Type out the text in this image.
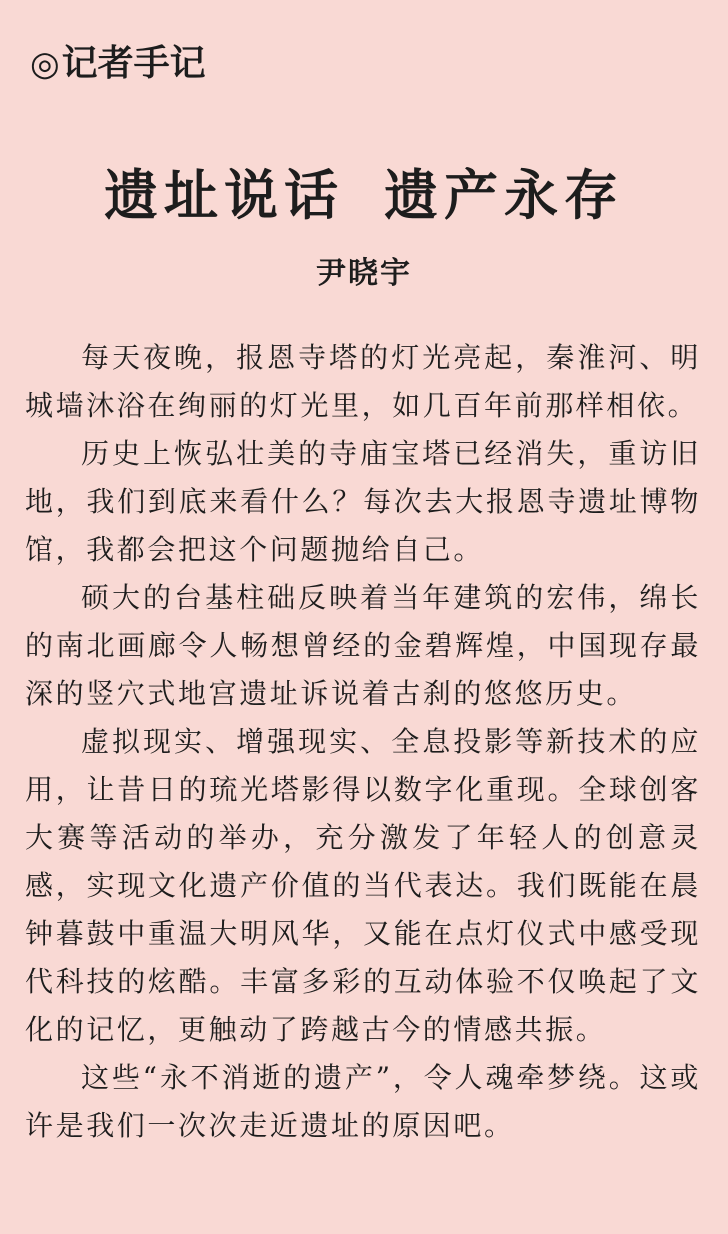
◎ 记者手记
遗址说话 遗产永存
尹晓宇

每天夜晚，报恩寺塔的灯光亮起，秦淮河、明城墙沐浴在绚丽的灯光里，如几百年前那样相依。

历史上恢弘壮美的寺庙宝塔已经消失，重访旧地，我们到底来看什么？每次去大报恩寺遗址博物馆，我都会把这个问题抛给自己。

硕大的台基柱础反映着当年建筑的宏伟，绵长的南北画廊令人畅想曾经的金碧辉煌，中国现存最深的竖穴式地宫遗址诉说着古刹的悠悠历史。

虚拟现实、增强现实、全息投影等新技术的应用，让昔日的琉光塔影得以数字化重现。全球创客大赛等活动的举办，充分激发了年轻人的创意灵感，实现文化遗产价值的当代表达。我们既能在晨钟暮鼓中重温大明风华，又能在点灯仪式中感受现代科技的炫酷。丰富多彩的互动体验不仅唤起了文化的记忆，更触动了跨越古今的情感共振。

这些“永不消逝的遗产”，令人魂牵梦绕。这或许是我们一次次走近遗址的原因吧。
